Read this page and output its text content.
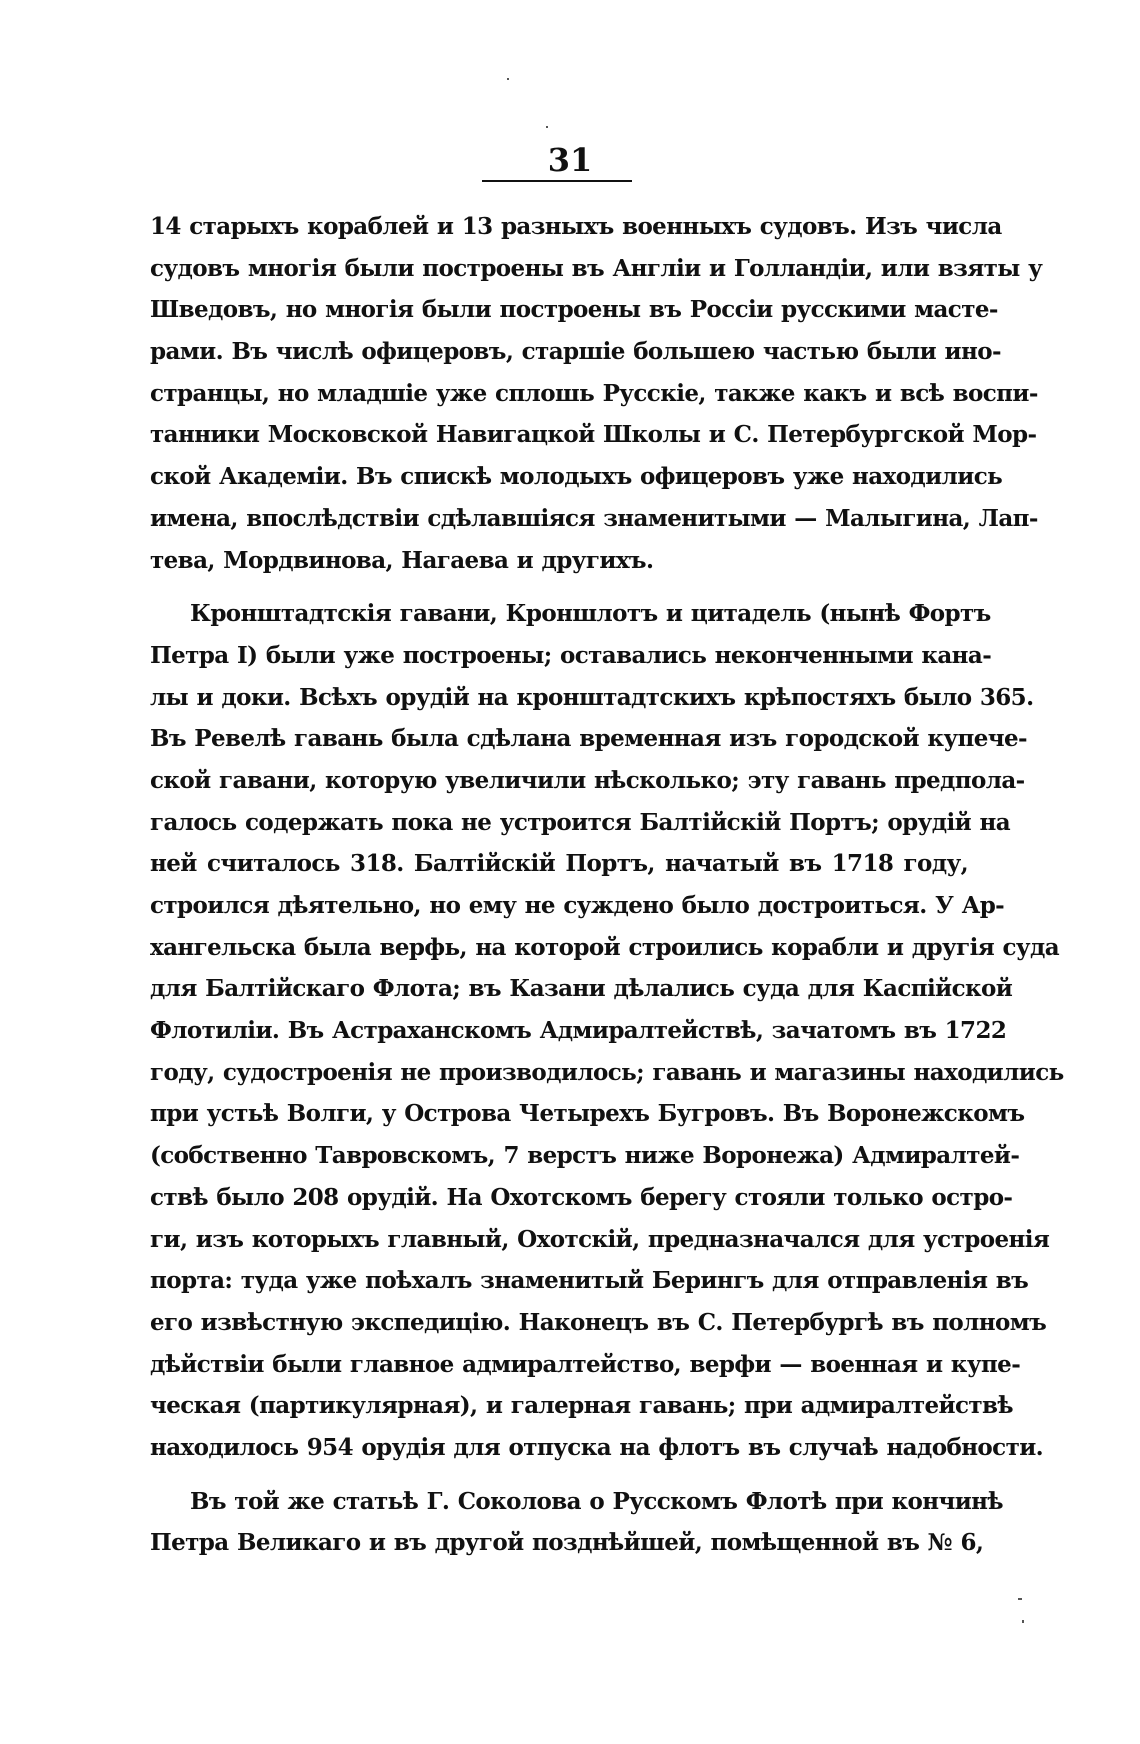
31
14 старыхъ кораблей и 13 разныхъ военныхъ судовъ. Изъ числа
судовъ многія были построены въ Англіи и Голландіи, или взяты у
Шведовъ, но многія были построены въ Россіи русскими масте-
рами. Въ числѣ офицеровъ, старшіе большею частью были ино-
странцы, но младшіе уже сплошь Русскіе, также какъ и всѣ воспи-
танники Московской Навигацкой Школы и С. Петербургской Мор-
ской Академіи. Въ спискѣ молодыхъ офицеровъ уже находились
имена, впослѣдствіи сдѣлавшіяся знаменитыми — Малыгина, Лап-
тева, Мордвинова, Нагаева и другихъ.
Кронштадтскія гавани, Кроншлотъ и цитадель (нынѣ Фортъ
Петра I) были уже построены; оставались неконченными кана-
лы и доки. Всѣхъ орудій на кронштадтскихъ крѣпостяхъ было 365.
Въ Ревелѣ гавань была сдѣлана временная изъ городской купече-
ской гавани, которую увеличили нѣсколько; эту гавань предпола-
галось содержать пока не устроится Балтійскій Портъ; орудій на
ней считалось 318. Балтійскій Портъ, начатый въ 1718 году,
строился дѣятельно, но ему не суждено было достроиться. У Ар-
хангельска была верфь, на которой строились корабли и другія суда
для Балтійскаго Флота; въ Казани дѣлались суда для Каспійской
Флотиліи. Въ Астраханскомъ Адмиралтействѣ, зачатомъ въ 1722
году, судостроенія не производилось; гавань и магазины находились
при устьѣ Волги, у Острова Четырехъ Бугровъ. Въ Воронежскомъ
(собственно Тавровскомъ, 7 верстъ ниже Воронежа) Адмиралтей-
ствѣ было 208 орудій. На Охотскомъ берегу стояли только остро-
ги, изъ которыхъ главный, Охотскій, предназначался для устроенія
порта: туда уже поѣхалъ знаменитый Берингъ для отправленія въ
его извѣстную экспедицію. Наконецъ въ С. Петербургѣ въ полномъ
дѣйствіи были главное адмиралтейство, верфи — военная и купе-
ческая (партикулярная), и галерная гавань; при адмиралтействѣ
находилось 954 орудія для отпуска на флотъ въ случаѣ надобности.
Въ той же статьѣ Г. Соколова о Русскомъ Флотѣ при кончинѣ
Петра Великаго и въ другой позднѣйшей, помѣщенной въ № 6,
